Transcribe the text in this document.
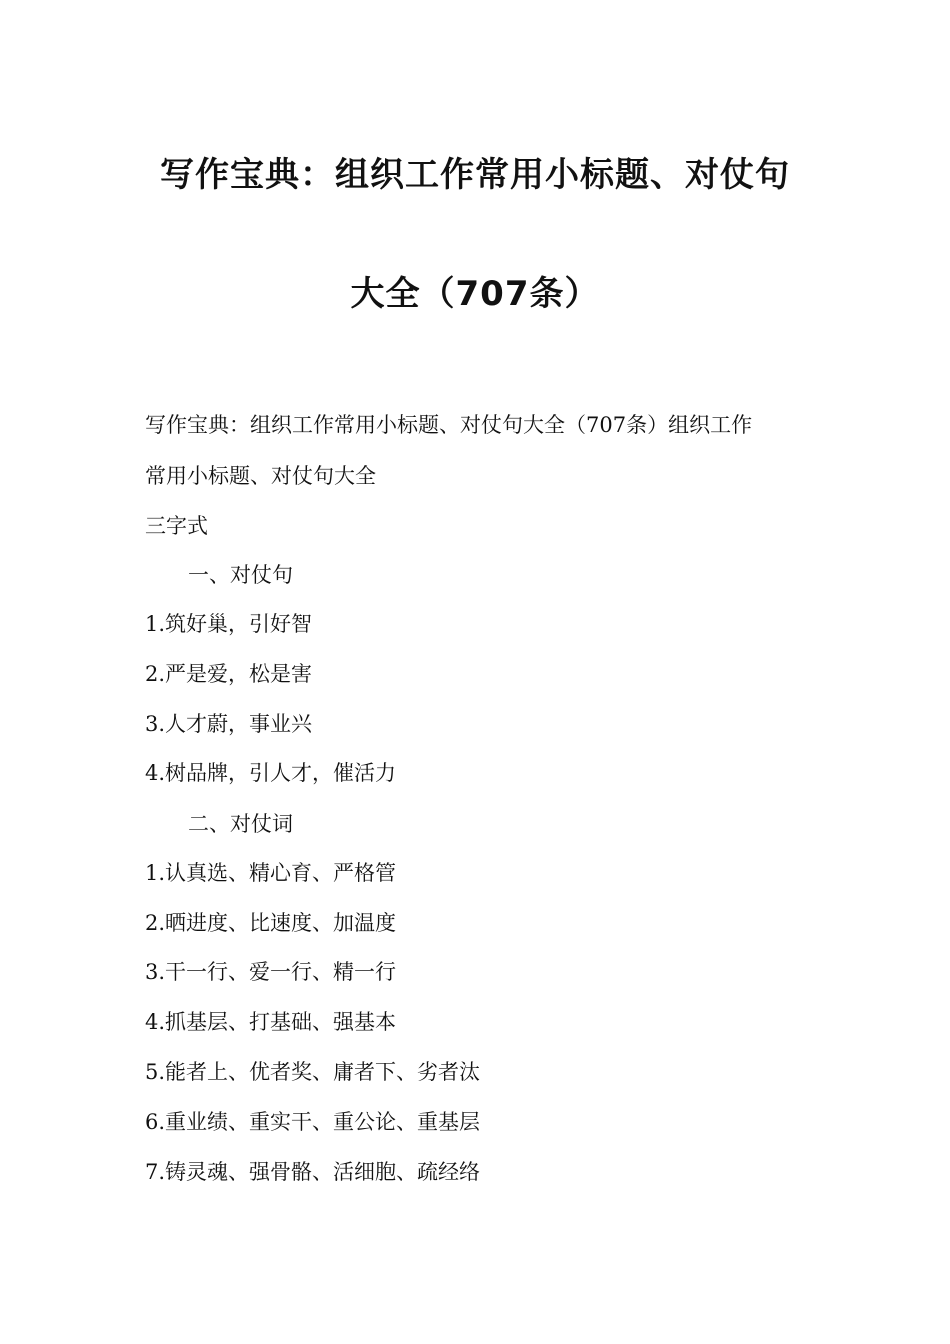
写作宝典：组织工作常用小标题、对仗句
大全（707条）
写作宝典：组织工作常用小标题、对仗句大全（707条）组织工作
常用小标题、对仗句大全
三字式
一、对仗句
1.筑好巢，引好智
2.严是爱，松是害
3.人才蔚，事业兴
4.树品牌，引人才，催活力
二、对仗词
1.认真选、精心育、严格管
2.晒进度、比速度、加温度
3.干一行、爱一行、精一行
4.抓基层、打基础、强基本
5.能者上、优者奖、庸者下、劣者汰
6.重业绩、重实干、重公论、重基层
7.铸灵魂、强骨骼、活细胞、疏经络
